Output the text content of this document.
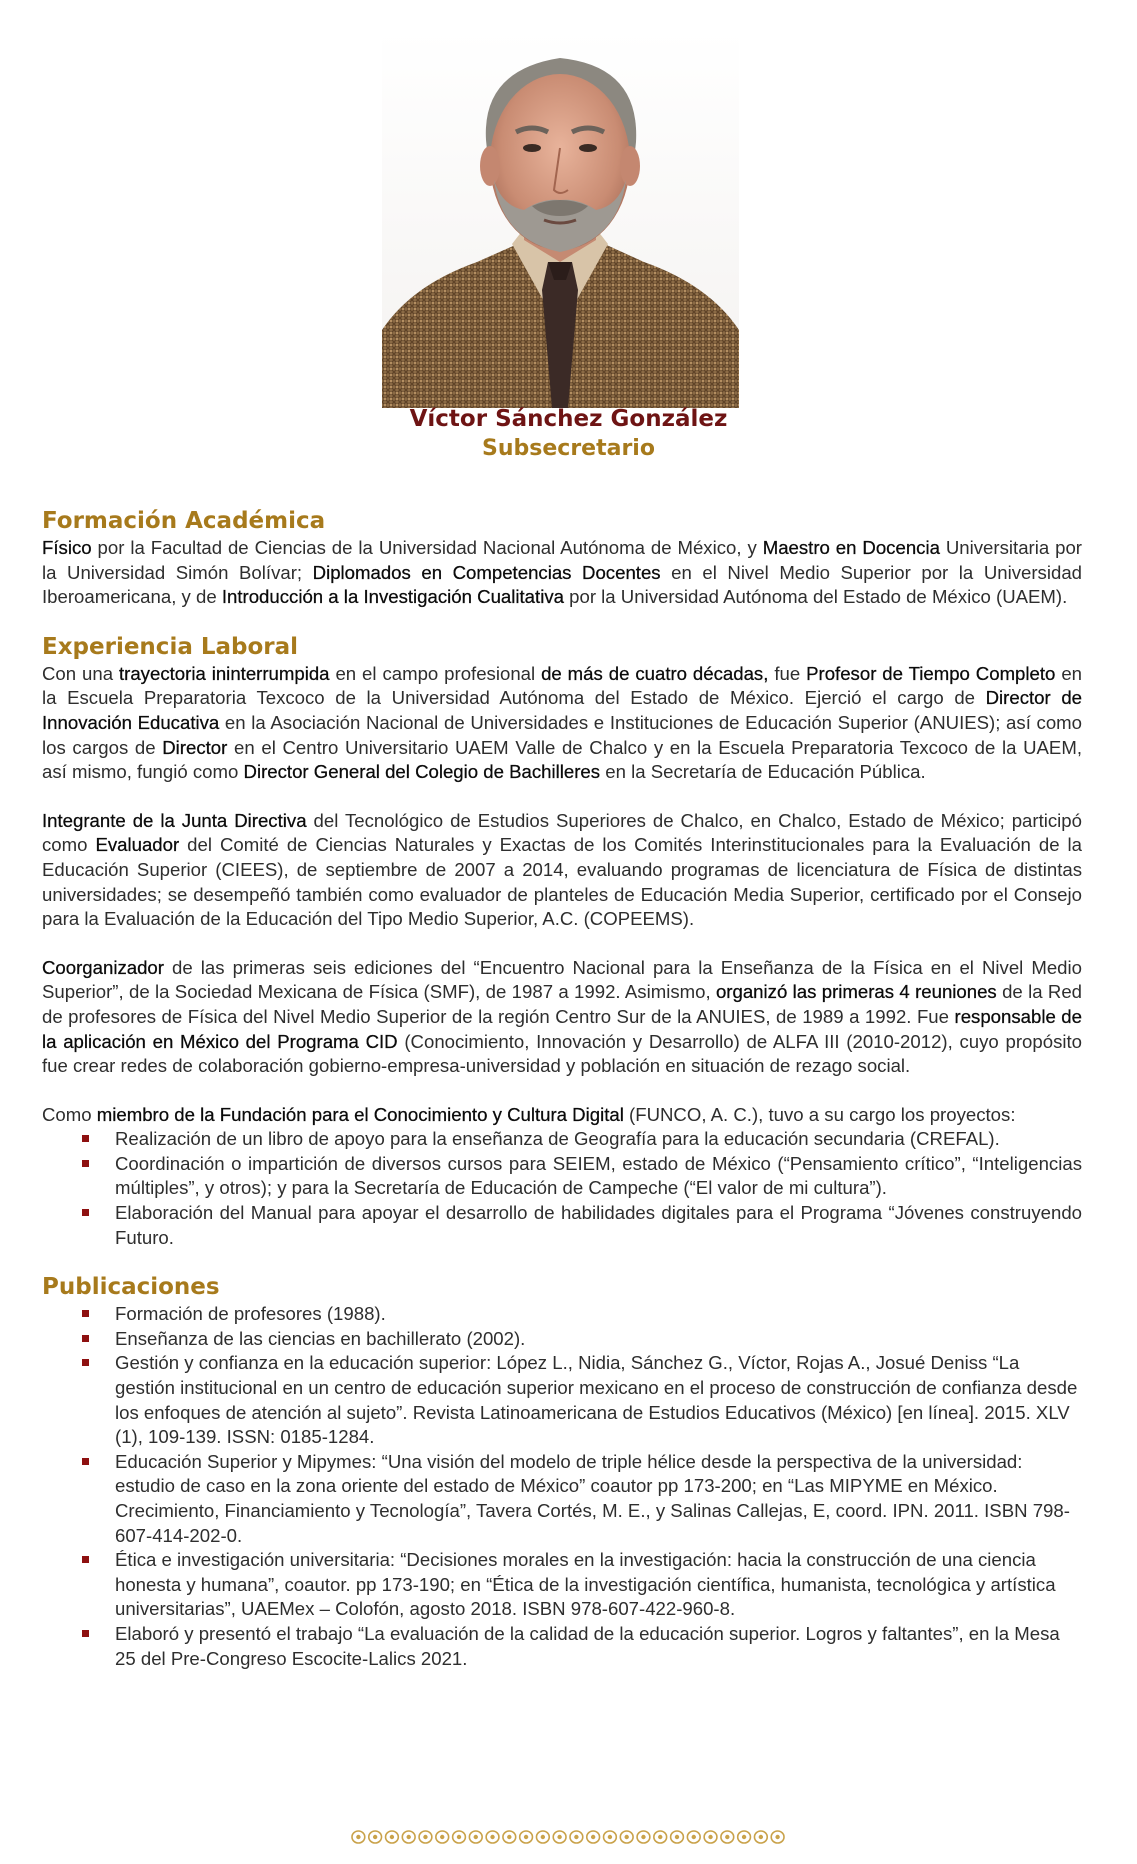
Víctor Sánchez González
Subsecretario
Formación Académica

Físico por la Facultad de Ciencias de la Universidad Nacional Autónoma de México, y Maestro en Docencia Universitaria por la Universidad Simón Bolívar; Diplomados en Competencias Docentes en el Nivel Medio Superior por la Universidad Iberoamericana, y de Introducción a la Investigación Cualitativa por la Universidad Autónoma del Estado de México (UAEM).

Experiencia Laboral

Con una trayectoria ininterrumpida en el campo profesional de más de cuatro décadas, fue Profesor de Tiempo Completo en la Escuela Preparatoria Texcoco de la Universidad Autónoma del Estado de México. Ejerció el cargo de Director de Innovación Educativa en la Asociación Nacional de Universidades e Instituciones de Educación Superior (ANUIES); así como los cargos de Director en el Centro Universitario UAEM Valle de Chalco y en la Escuela Preparatoria Texcoco de la UAEM, así mismo, fungió como Director General del Colegio de Bachilleres en la Secretaría de Educación Pública.

Integrante de la Junta Directiva del Tecnológico de Estudios Superiores de Chalco, en Chalco, Estado de México; participó como Evaluador del Comité de Ciencias Naturales y Exactas de los Comités Interinstitucionales para la Evaluación de la Educación Superior (CIEES), de septiembre de 2007 a 2014, evaluando programas de licenciatura de Física de distintas universidades; se desempeñó también como evaluador de planteles de Educación Media Superior, certificado por el Consejo para la Evaluación de la Educación del Tipo Medio Superior, A.C. (COPEEMS).

Coorganizador de las primeras seis ediciones del “Encuentro Nacional para la Enseñanza de la Física en el Nivel Medio Superior”, de la Sociedad Mexicana de Física (SMF), de 1987 a 1992. Asimismo, organizó las primeras 4 reuniones de la Red de profesores de Física del Nivel Medio Superior de la región Centro Sur de la ANUIES, de 1989 a 1992. Fue responsable de la aplicación en México del Programa CID (Conocimiento, Innovación y Desarrollo) de ALFA III (2010-2012), cuyo propósito fue crear redes de colaboración gobierno-empresa-universidad y población en situación de rezago social.

Como miembro de la Fundación para el Conocimiento y Cultura Digital (FUNCO, A. C.), tuvo a su cargo los proyectos:

Realización de un libro de apoyo para la enseñanza de Geografía para la educación secundaria (CREFAL).
Coordinación o impartición de diversos cursos para SEIEM, estado de México (“Pensamiento crítico”, “Inteligencias múltiples”, y otros); y para la Secretaría de Educación de Campeche (“El valor de mi cultura”).
Elaboración del Manual para apoyar el desarrollo de habilidades digitales para el Programa “Jóvenes construyendo Futuro.
Publicaciones
Formación de profesores (1988).
Enseñanza de las ciencias en bachillerato (2002).
Gestión y confianza en la educación superior: López L., Nidia, Sánchez G., Víctor, Rojas A., Josué Deniss “La gestión institucional en un centro de educación superior mexicano en el proceso de construcción de confianza desde los enfoques de atención al sujeto”. Revista Latinoamericana de Estudios Educativos (México) [en línea]. 2015. XLV (1), 109-139. ISSN: 0185-1284.
Educación Superior y Mipymes: “Una visión del modelo de triple hélice desde la perspectiva de la universidad: estudio de caso en la zona oriente del estado de México” coautor pp 173-200; en “Las MIPYME en México. Crecimiento, Financiamiento y Tecnología”, Tavera Cortés, M. E., y Salinas Callejas, E, coord. IPN. 2011. ISBN 798-607-414-202-0.
Ética e investigación universitaria: “Decisiones morales en la investigación: hacia la construcción de una ciencia honesta y humana”, coautor. pp 173-190; en “Ética de la investigación científica, humanista, tecnológica y artística universitarias”, UAEMex – Colofón, agosto 2018. ISBN 978-607-422-960-8.
Elaboró y presentó el trabajo “La evaluación de la calidad de la educación superior. Logros y faltantes”, en la Mesa 25 del Pre-Congreso Escocite-Lalics 2021.
